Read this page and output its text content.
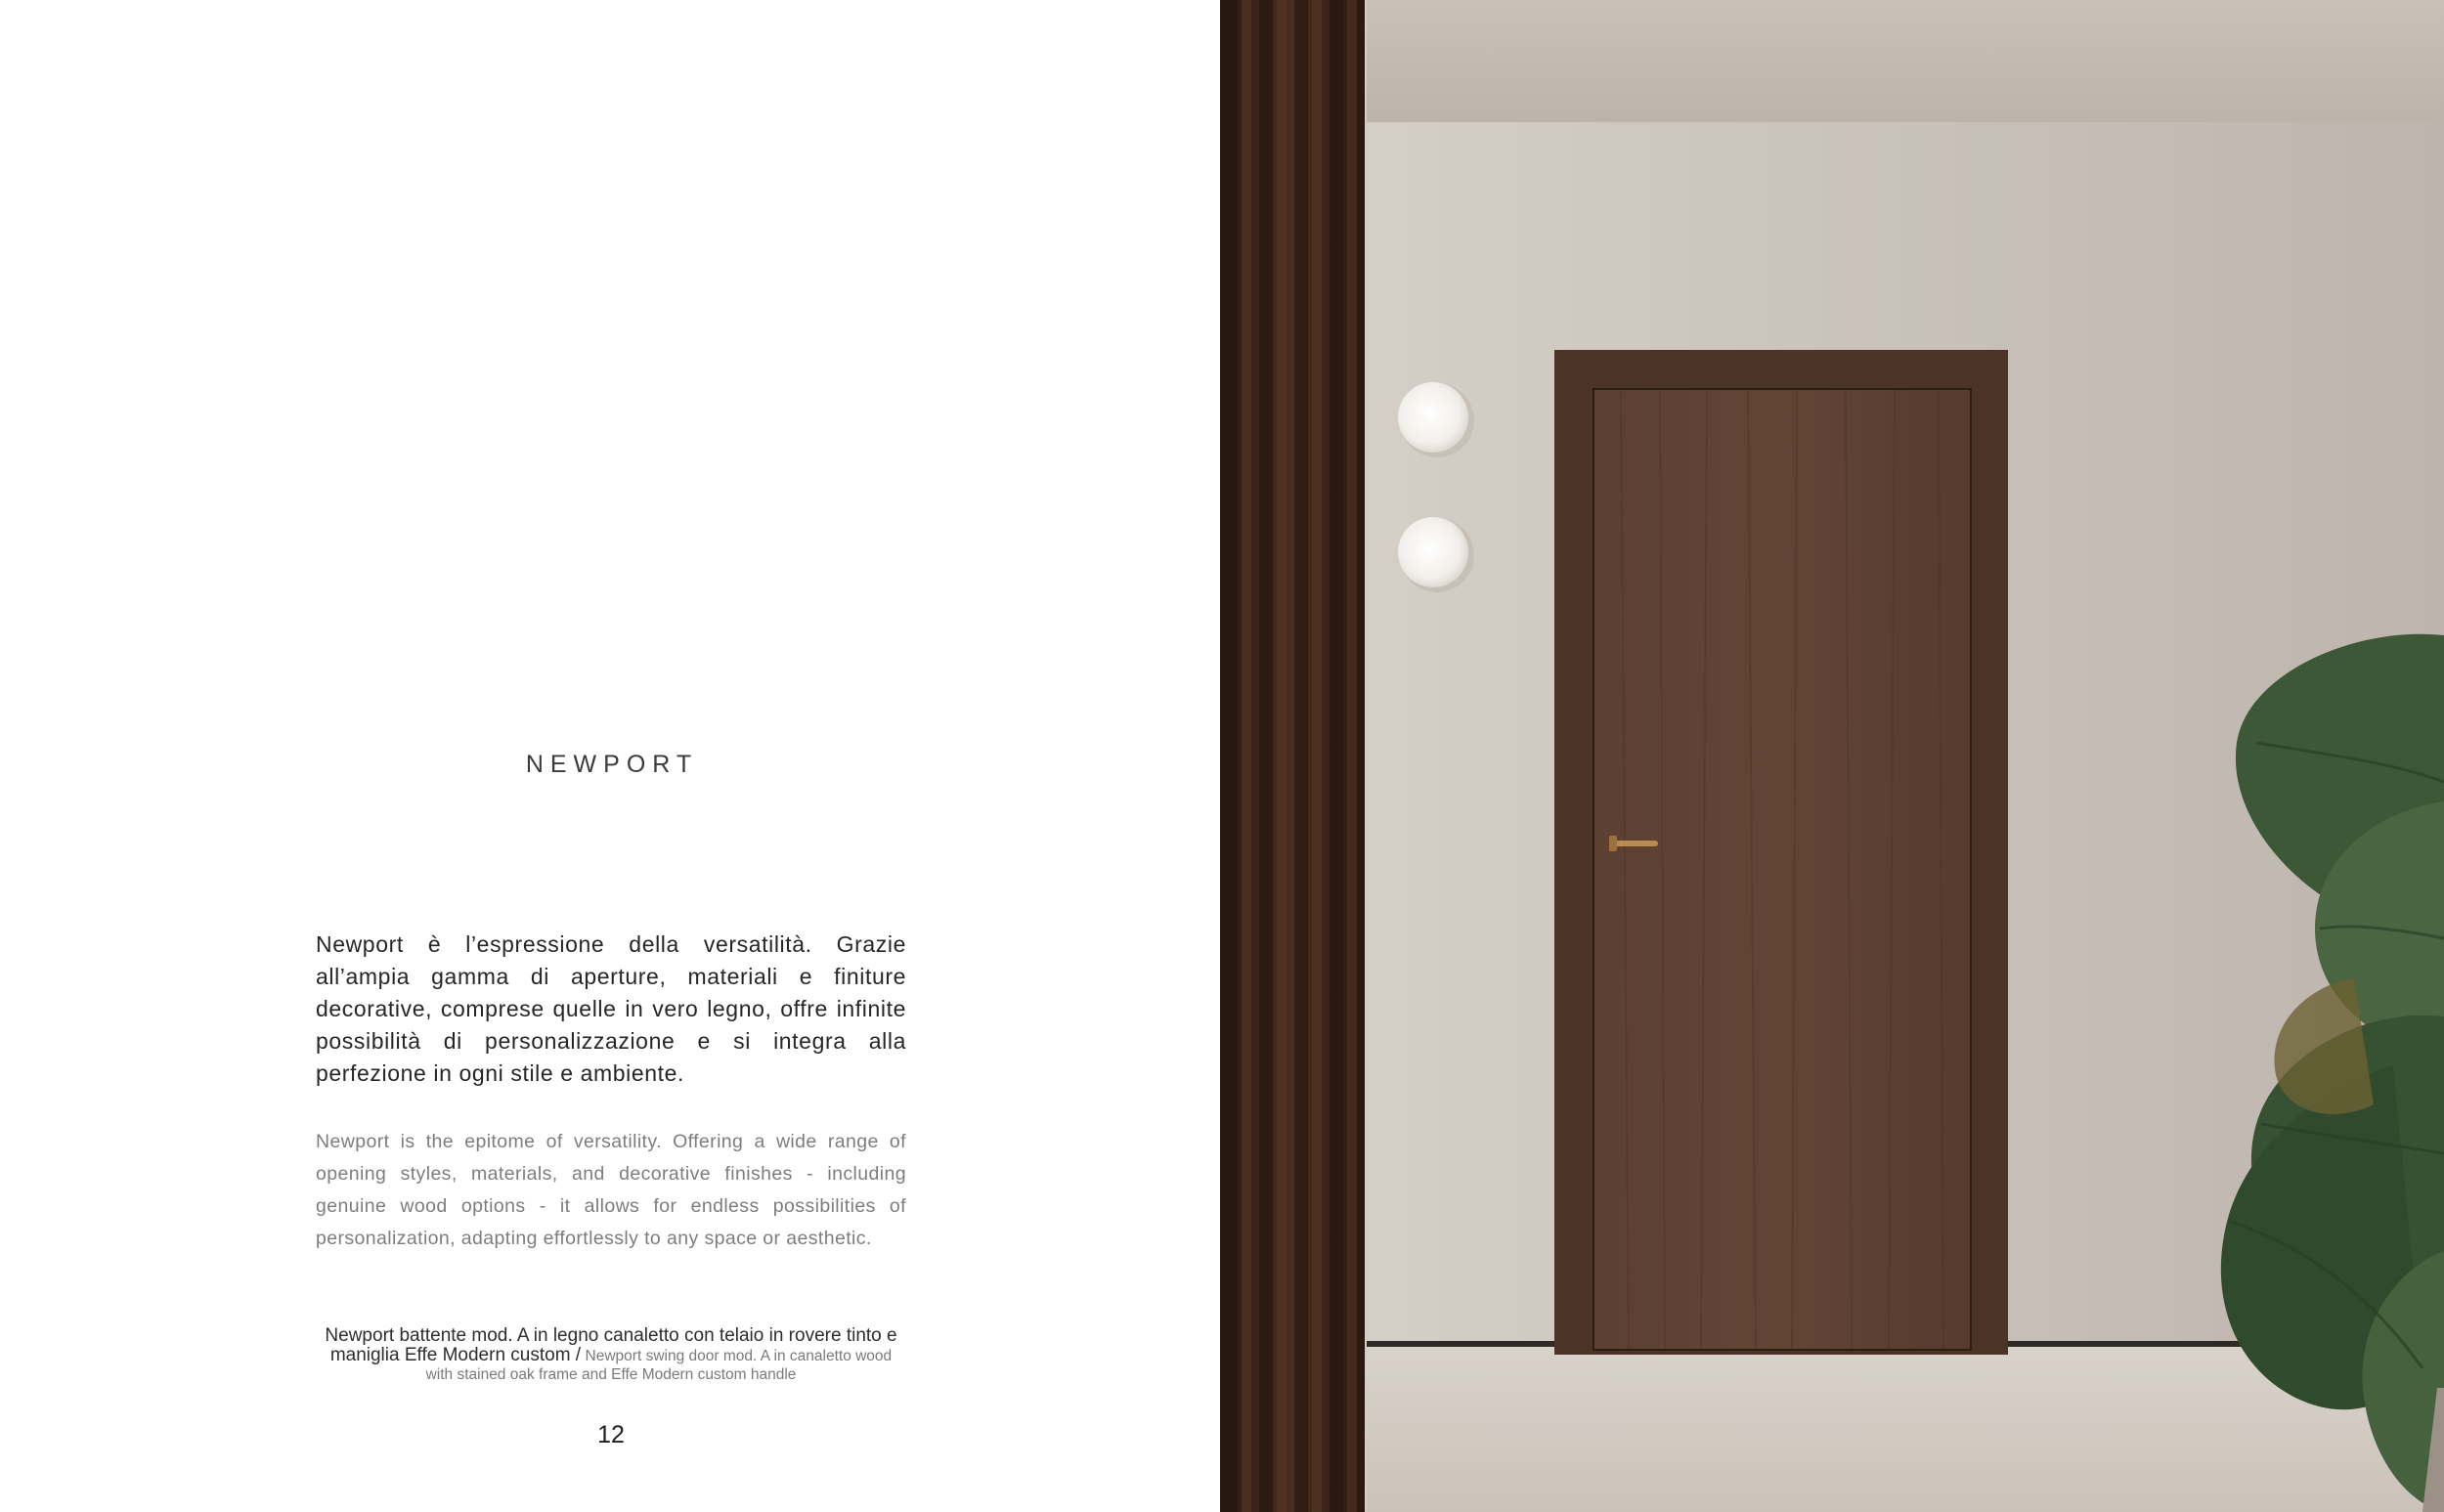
NEWPORT
Newport è l’espressione della versatilità. Grazie all’ampia gamma di aperture, materiali e finiture decorative, comprese quelle in vero legno, offre infinite possibilità di personalizzazione e si integra alla perfezione in ogni stile e ambiente.
Newport is the epitome of versatility. Offering a wide range of opening styles, materials, and decorative finishes - including genuine wood options - it allows for endless possibilities of personalization, adapting effortlessly to any space or aesthetic.
Newport battente mod. A in legno canaletto con telaio in rovere tinto e maniglia Effe Modern custom / Newport swing door mod. A in canaletto wood with stained oak frame and Effe Modern custom handle
12
